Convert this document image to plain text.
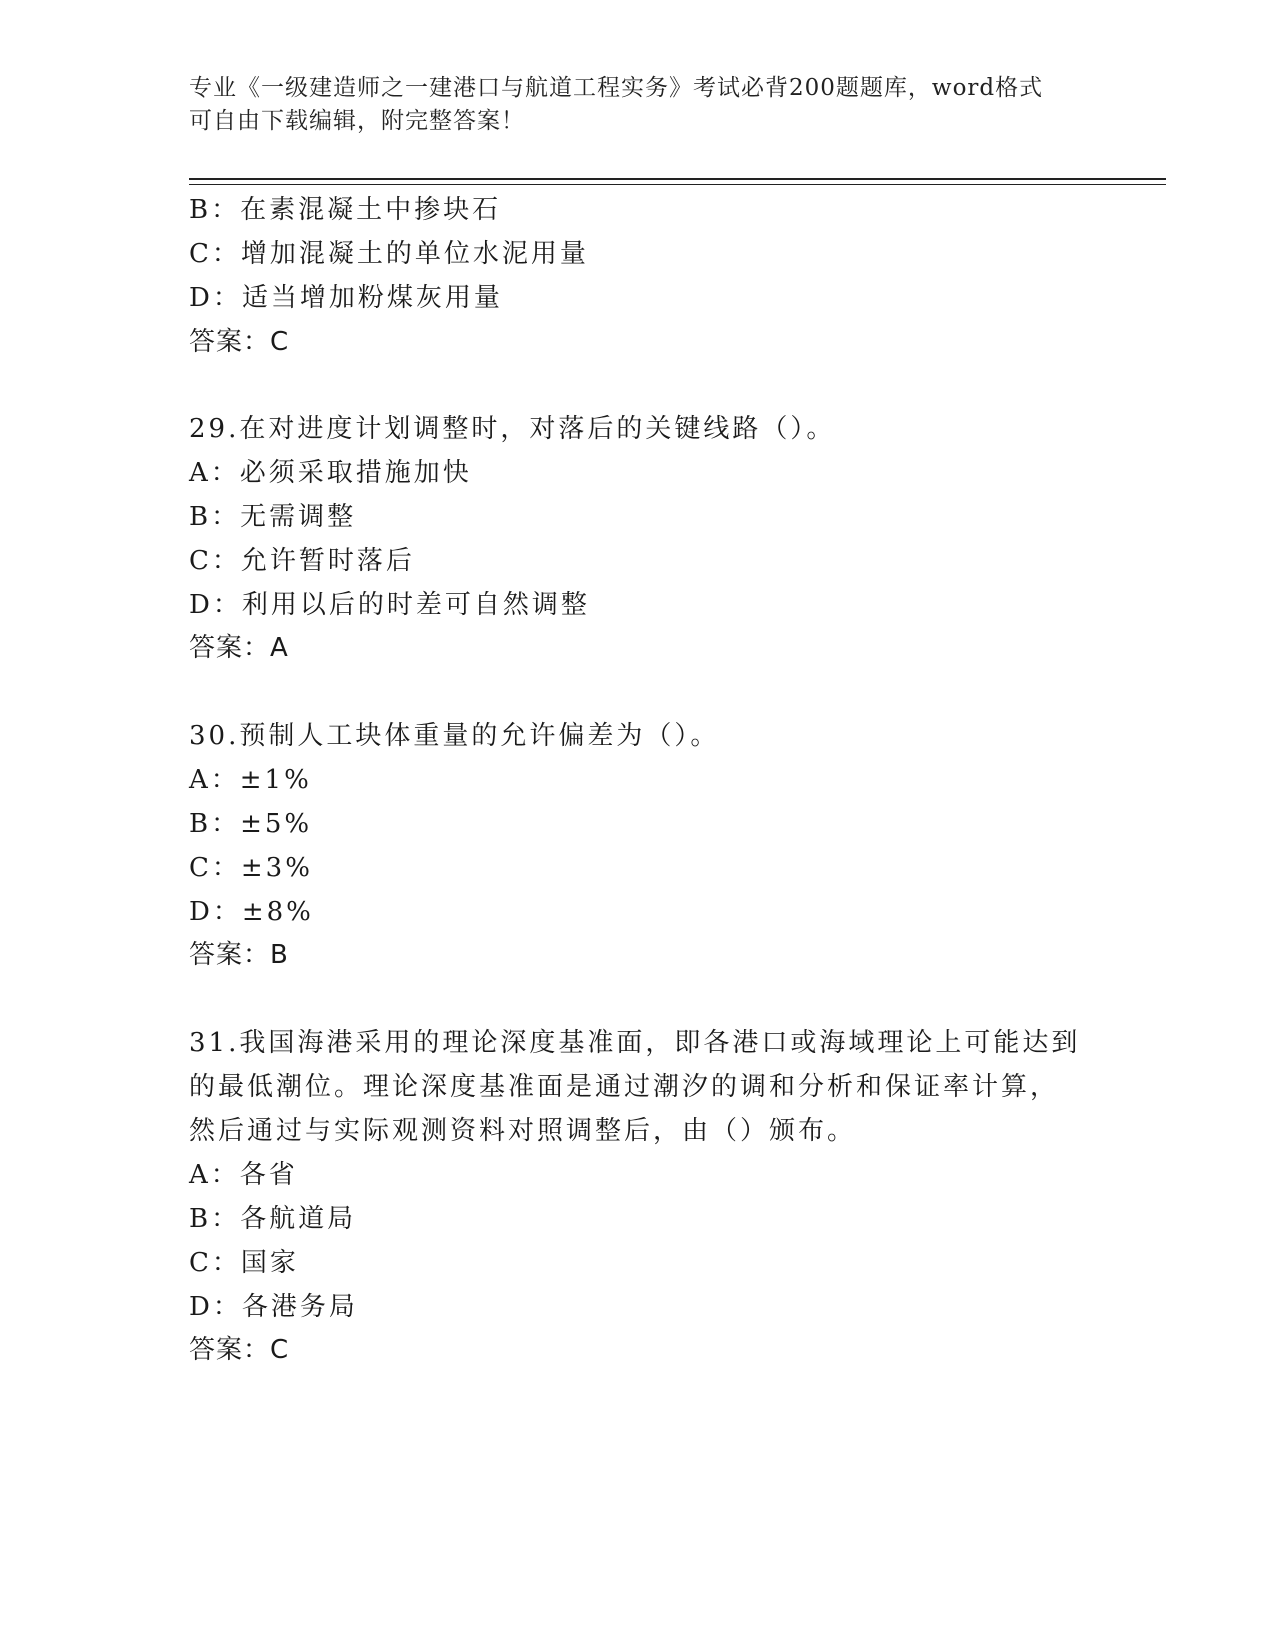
专业《一级建造师之一建港口与航道工程实务》考试必背200题题库，word格式
可自由下载编辑，附完整答案！
B：在素混凝土中掺块石
C：增加混凝土的单位水泥用量
D：适当增加粉煤灰用量
答案：C
29.在对进度计划调整时，对落后的关键线路（）。
A：必须采取措施加快
B：无需调整
C：允许暂时落后
D：利用以后的时差可自然调整
答案：A
30.预制人工块体重量的允许偏差为（）。
A：±1%
B：±5%
C：±3%
D：±8%
答案：B
31.我国海港采用的理论深度基准面，即各港口或海域理论上可能达到
的最低潮位。理论深度基准面是通过潮汐的调和分析和保证率计算，
然后通过与实际观测资料对照调整后，由（）颁布。
A：各省
B：各航道局
C：国家
D：各港务局
答案：C
